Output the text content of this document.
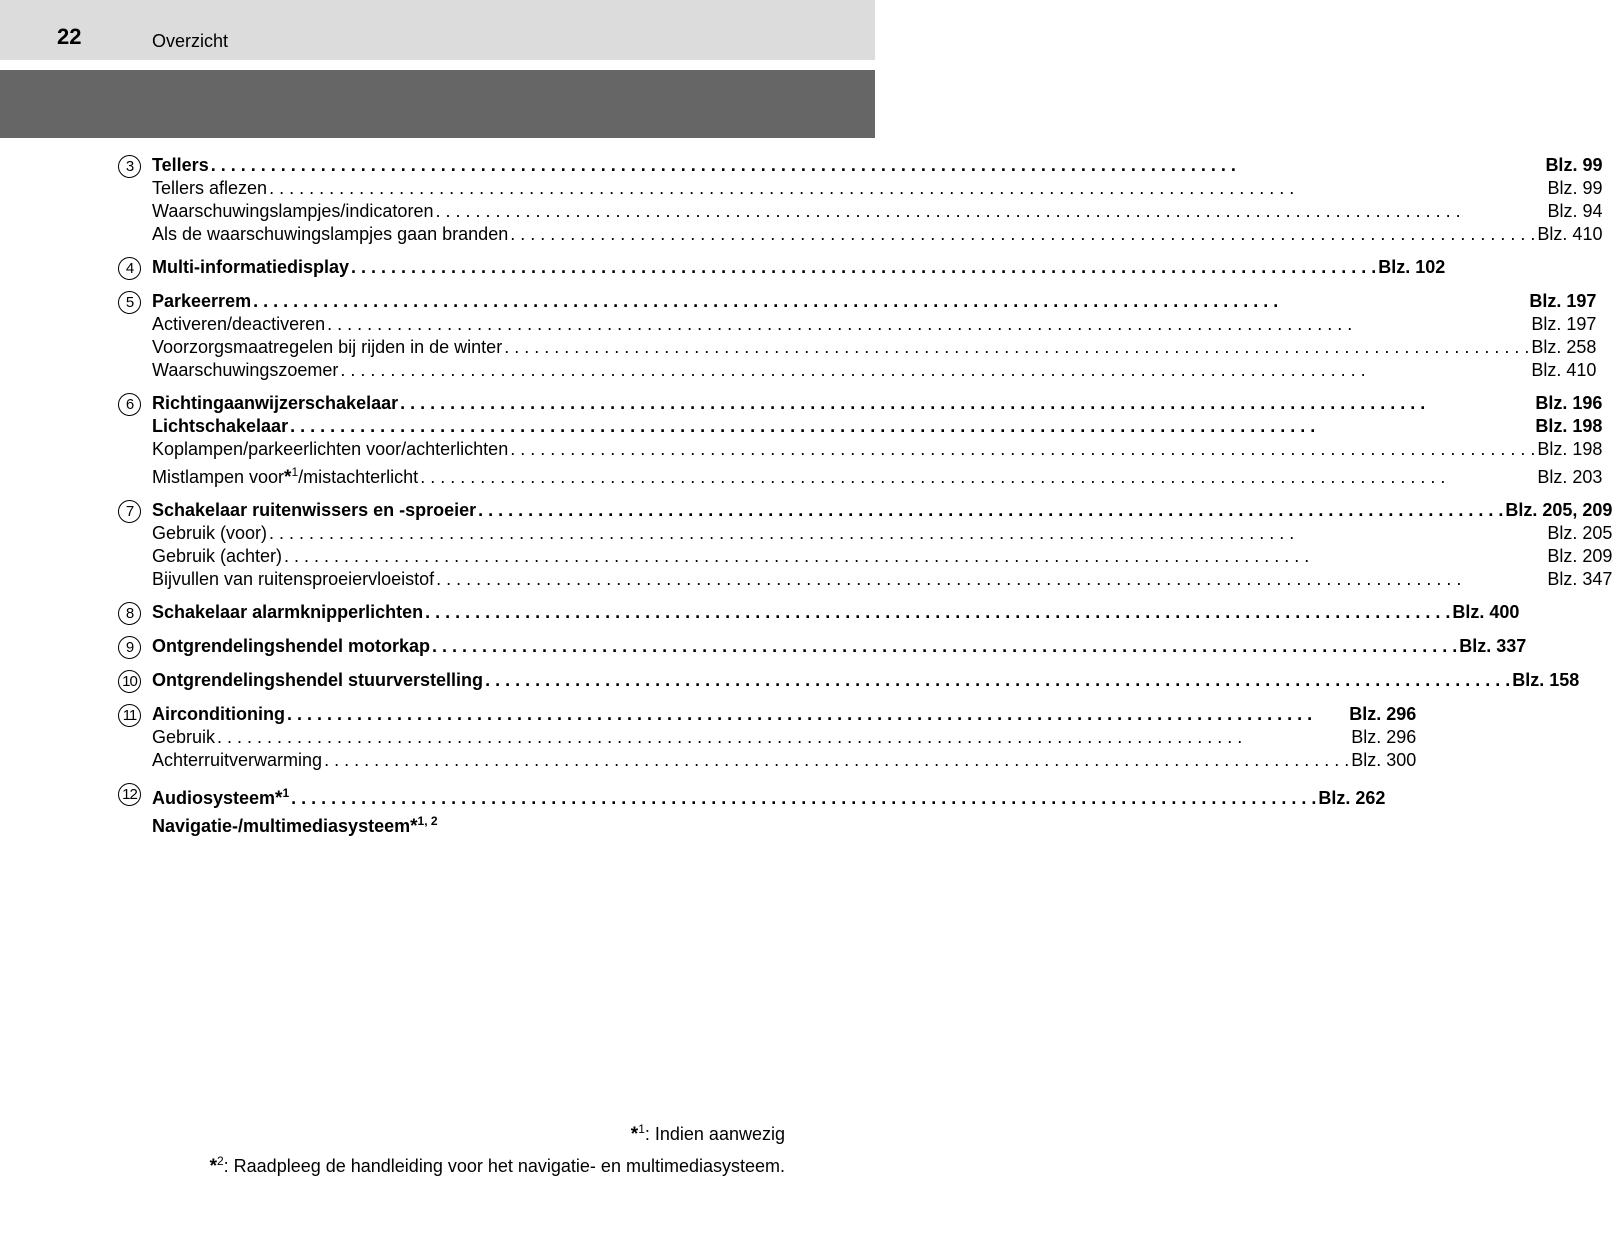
22	Overzicht
3	Tellers . . .	Blz. 99
Tellers aflezen . . .	Blz. 99
Waarschuwingslampjes/indicatoren . . .	Blz. 94
Als de waarschuwingslampjes gaan branden . . .	Blz. 410
4	Multi-informatiedisplay . . .	Blz. 102
5	Parkeerrem . . .	Blz. 197
Activeren/deactiveren . . .	Blz. 197
Voorzorgsmaatregelen bij rijden in de winter . . .	Blz. 258
Waarschuwingszoemer . . .	Blz. 410
6	Richtingaanwijzerschakelaar . . .	Blz. 196
Lichtschakelaar . . .	Blz. 198
Koplampen/parkeerlichten voor/achterlichten . . .	Blz. 198
Mistlampen voor*$^1$/mistachterlicht . . .	Blz. 203
7	Schakelaar ruitenwissers en -sproeier . . .	Blz. 205, 209
Gebruik (voor) . . .	Blz. 205
Gebruik (achter) . . .	Blz. 209
Bijvullen van ruitensproeiervloeistof . . .	Blz. 347
8	Schakelaar alarmknipperlichten . . .	Blz. 400
9	Ontgrendelingshendel motorkap . . .	Blz. 337
10 Ontgrendelingshendel stuurverstelling . . .	Blz. 158
11 Airconditioning . . .	Blz. 296
Gebruik . . .	Blz. 296
Achterruitverwarming . . .	Blz. 300
12 Audiosysteem*$^1$ . . .	Blz. 262
Navigatie-/multimediasysteem*$^{1, 2}$
*$^1$: Indien aanwezig
*$^2$: Raadpleeg de handleiding voor het navigatie- en multimediasysteem.
